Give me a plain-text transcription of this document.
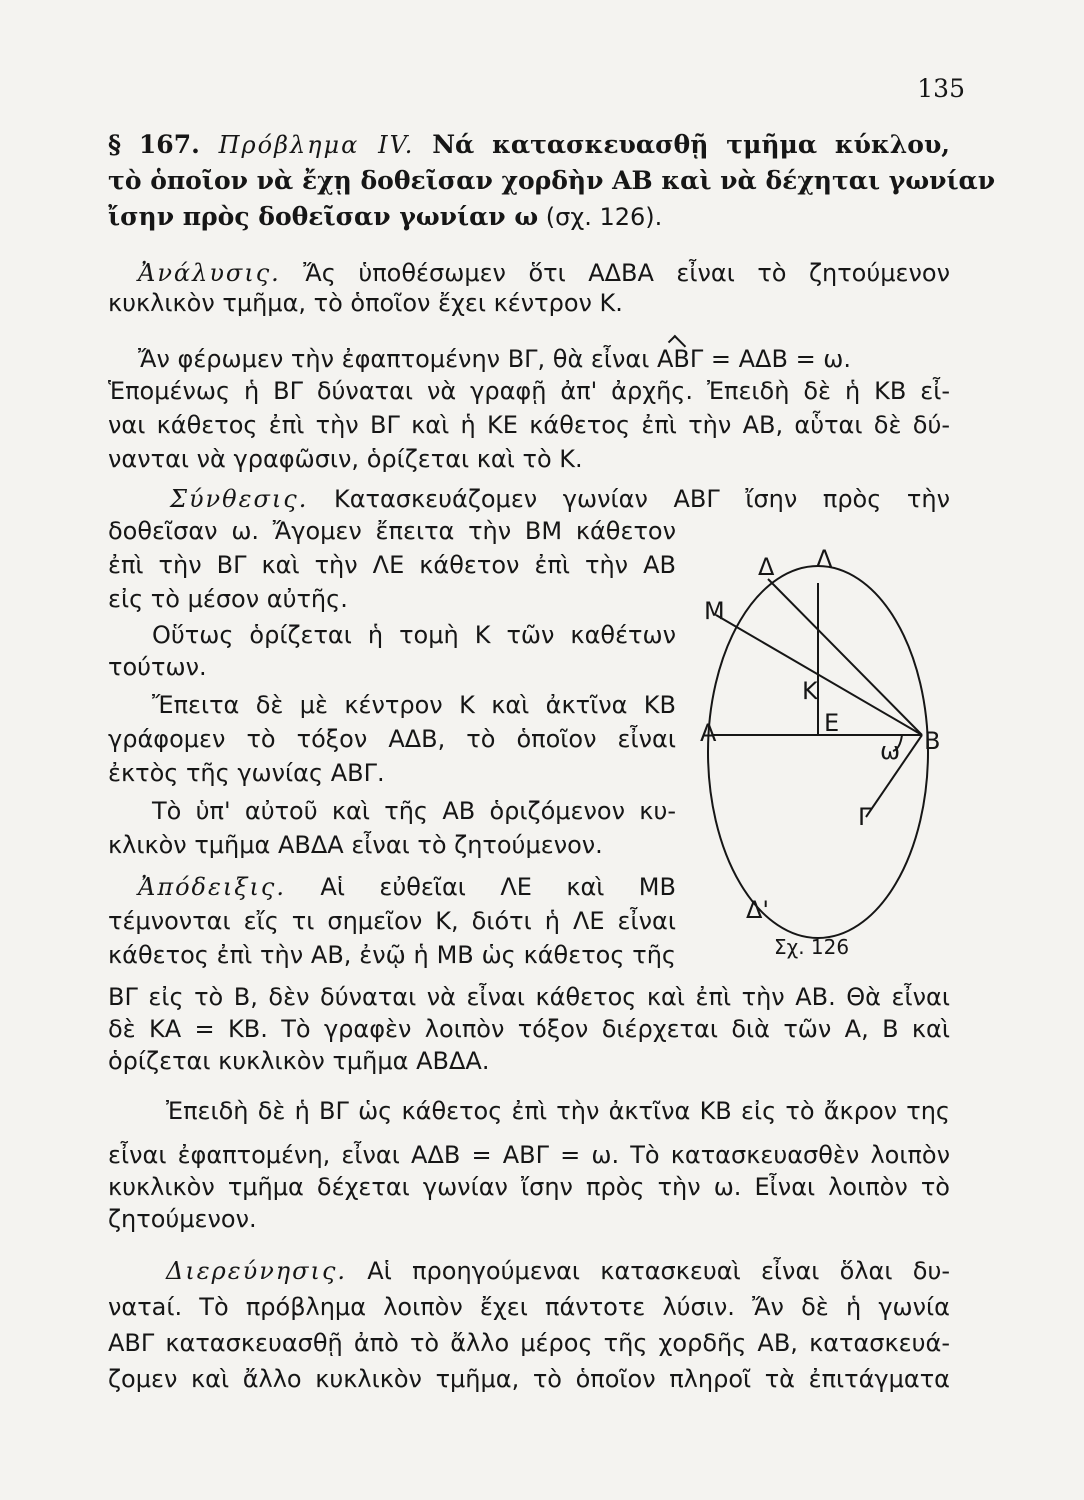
135

§ 167. Πρόβλημα IV. Νά κατασκευασθῇ τμῆμα κύκλου,

τὸ ὁποῖον νὰ ἔχῃ δοθεῖσαν χορδὴν ΑΒ καὶ νὰ δέχηται γωνίαν

ἴσην πρὸς δοθεῖσαν γωνίαν ω (σχ. 126).

Ἀνάλυσις. Ἄς ὑποθέσωμεν ὅτι ΑΔΒΑ εἶναι τὸ ζητούμενον

κυκλικὸν τμῆμα, τὸ ὁποῖον ἔχει κέντρον Κ.

Ἄν φέρωμεν τὴν ἐφαπτομένην ΒΓ, θὰ εἶναι ΑΒΓ = ΑΔΒ = ω.

Ἑπομένως ἡ ΒΓ δύναται νὰ γραφῇ ἀπ' ἀρχῆς. Ἐπειδὴ δὲ ἡ ΚΒ εἶ-

ναι κάθετος ἐπὶ τὴν ΒΓ καὶ ἡ ΚΕ κάθετος ἐπὶ τὴν ΑΒ, αὗται δὲ δύ-

νανται νὰ γραφῶσιν, ὁρίζεται καὶ τὸ Κ.

Σύνθεσις. Κατασκευάζομεν γωνίαν ΑΒΓ ἴσην πρὸς τὴν

δοθεῖσαν ω. Ἄγομεν ἔπειτα τὴν ΒΜ κάθετον

ἐπὶ τὴν ΒΓ καὶ τὴν ΛΕ κάθετον ἐπὶ τὴν ΑΒ

εἰς τὸ μέσον αὐτῆς.

Οὕτως ὁρίζεται ἡ τομὴ Κ τῶν καθέτων

τούτων.

Ἔπειτα δὲ μὲ κέντρον Κ καὶ ἀκτῖνα ΚΒ

γράφομεν τὸ τόξον ΑΔΒ, τὸ ὁποῖον εἶναι

ἐκτὸς τῆς γωνίας ΑΒΓ.

Τὸ ὑπ' αὐτοῦ καὶ τῆς ΑΒ ὁριζόμενον κυ-

κλικὸν τμῆμα ΑΒΔΑ εἶναι τὸ ζητούμενον.

Ἀπόδειξις. Αἱ εὐθεῖαι ΛΕ καὶ ΜΒ

τέμνονται εἴς τι σημεῖον Κ, διότι ἡ ΛΕ εἶναι

κάθετος ἐπὶ τὴν ΑΒ, ἐνῷ ἡ ΜΒ ὡς κάθετος τῆς

ΒΓ εἰς τὸ Β, δὲν δύναται νὰ εἶναι κάθετος καὶ ἐπὶ τὴν ΑΒ. Θὰ εἶναι

δὲ ΚΑ = ΚΒ. Τὸ γραφὲν λοιπὸν τόξον διέρχεται διὰ τῶν Α, Β καὶ

ὁρίζεται κυκλικὸν τμῆμα ΑΒΔΑ.

Ἐπειδὴ δὲ ἡ ΒΓ ὡς κάθετος ἐπὶ τὴν ἀκτῖνα ΚΒ εἰς τὸ ἄκρον της

εἶναι ἐφαπτομένη, εἶναι ΑΔΒ = ΑΒΓ = ω. Τὸ κατασκευασθὲν λοιπὸν

κυκλικὸν τμῆμα δέχεται γωνίαν ἴσην πρὸς τὴν ω. Εἶναι λοιπὸν τὸ

ζητούμενον.

Διερεύνησις. Αἱ προηγούμεναι κατασκευαὶ εἶναι ὅλαι δυ-

νατaί. Τὸ πρόβλημα λοιπὸν ἔχει πάντοτε λύσιν. Ἄν δὲ ἡ γωνία

ΑΒΓ κατασκευασθῇ ἀπὸ τὸ ἄλλο μέρος τῆς χορδῆς ΑΒ, κατασκευά-

ζομεν καὶ ἄλλο κυκλικὸν τμῆμα, τὸ ὁποῖον πληροῖ τὰ ἐπιτάγματα

Δ Λ
Μ
Κ
Α	Ε
Β
ω
Γ
Δ'
Σχ. 126
